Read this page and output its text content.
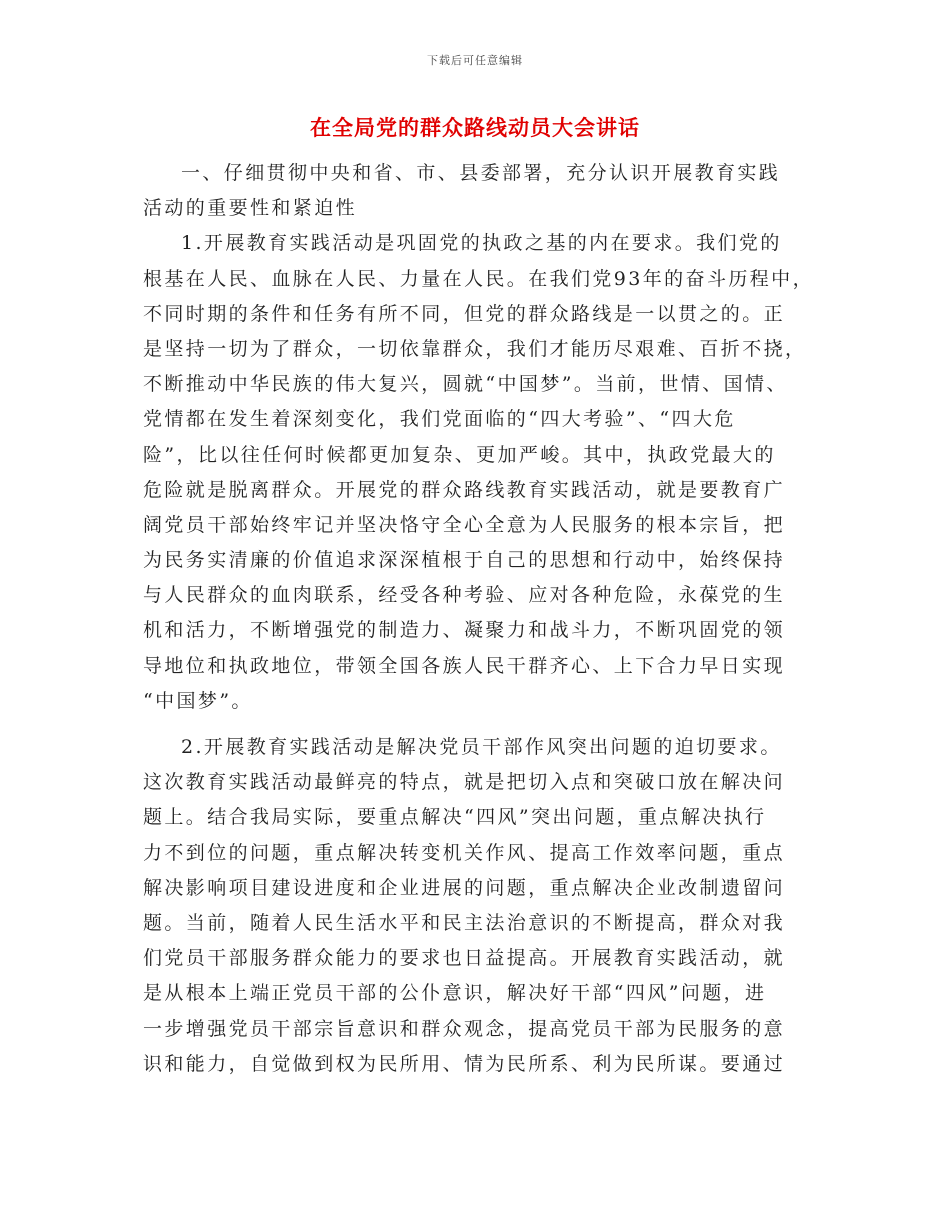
下载后可任意编辑
在全局党的群众路线动员大会讲话
一、仔细贯彻中央和省、市、县委部署，充分认识开展教育实践
活动的重要性和紧迫性
1.开展教育实践活动是巩固党的执政之基的内在要求。我们党的
根基在人民、血脉在人民、力量在人民。在我们党93年的奋斗历程中，
不同时期的条件和任务有所不同，但党的群众路线是一以贯之的。正
是坚持一切为了群众，一切依靠群众，我们才能历尽艰难、百折不挠，
不断推动中华民族的伟大复兴，圆就“中国梦”。当前，世情、国情、
党情都在发生着深刻变化，我们党面临的“四大考验”、“四大危
险”，比以往任何时候都更加复杂、更加严峻。其中，执政党最大的
危险就是脱离群众。开展党的群众路线教育实践活动，就是要教育广
阔党员干部始终牢记并坚决恪守全心全意为人民服务的根本宗旨，把
为民务实清廉的价值追求深深植根于自己的思想和行动中，始终保持
与人民群众的血肉联系，经受各种考验、应对各种危险，永葆党的生
机和活力，不断增强党的制造力、凝聚力和战斗力，不断巩固党的领
导地位和执政地位，带领全国各族人民干群齐心、上下合力早日实现
“中国梦”。
2.开展教育实践活动是解决党员干部作风突出问题的迫切要求。
这次教育实践活动最鲜亮的特点，就是把切入点和突破口放在解决问
题上。结合我局实际，要重点解决“四风”突出问题，重点解决执行
力不到位的问题，重点解决转变机关作风、提高工作效率问题，重点
解决影响项目建设进度和企业进展的问题，重点解决企业改制遗留问
题。当前，随着人民生活水平和民主法治意识的不断提高，群众对我
们党员干部服务群众能力的要求也日益提高。开展教育实践活动，就
是从根本上端正党员干部的公仆意识，解决好干部“四风”问题，进
一步增强党员干部宗旨意识和群众观念，提高党员干部为民服务的意
识和能力，自觉做到权为民所用、情为民所系、利为民所谋。要通过
